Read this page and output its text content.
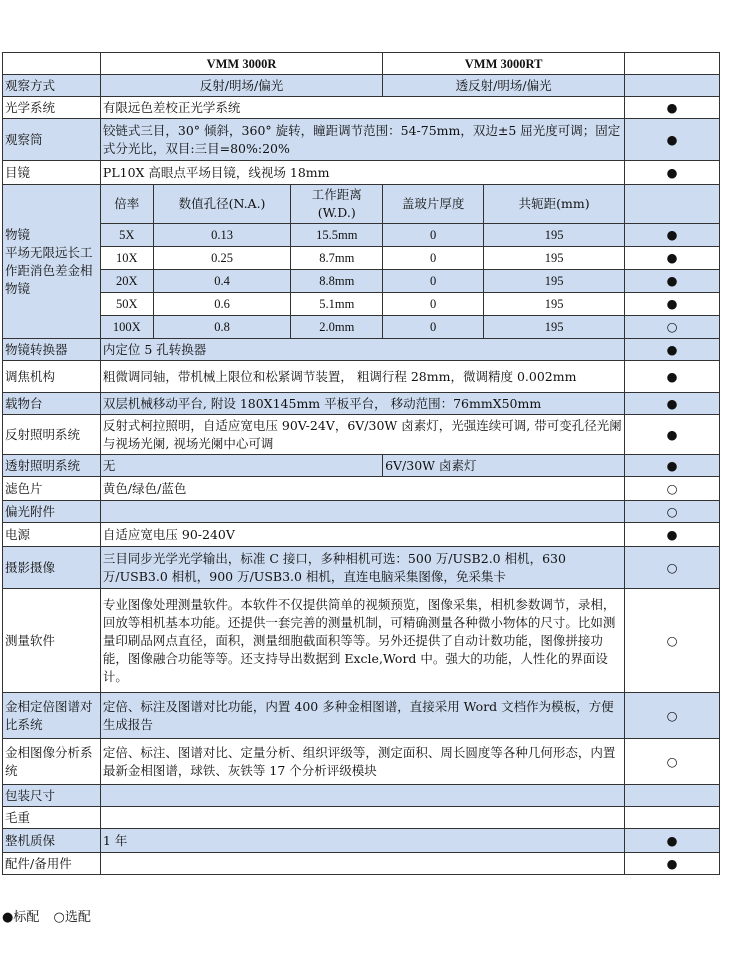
	VMM 3000R			VMM 3000RT		
观察方式	反射/明场/偏光			透反射/明场/偏光		
光学系统	有限远色差校正光学系统					●
观察筒	铰链式三目，30° 倾斜，360° 旋转，瞳距调节范围：54-75mm，双边±5 屈光度可调；固定式分光比，双目:三目=80%:20%					●
目镜	PL10X 高眼点平场目镜，线视场 18mm					●
物镜
平场无限远长工作距消色差金相物镜	倍率	数值孔径(N.A.)	工作距离(W.D.)	盖玻片厚度	共轭距(mm)	
	5X	0.13	15.5mm	0	195	●
	10X	0.25	8.7mm	0	195	●
	20X	0.4	8.8mm	0	195	●
	50X	0.6	5.1mm	0	195	●
	100X	0.8	2.0mm	0	195	○
物镜转换器	内定位 5 孔转换器					●
调焦机构	粗微调同轴，带机械上限位和松紧调节装置， 粗调行程 28mm，微调精度 0.002mm					●
载物台	双层机械移动平台, 附设 180X145mm 平板平台， 移动范围：76mmX50mm					●
反射照明系统	反射式柯拉照明，自适应宽电压 90V-24V，6V/30W 卤素灯，光强连续可调, 带可变孔径光阑与视场光阑, 视场光阑中心可调					●
透射照明系统	无			6V/30W 卤素灯		●
滤色片	黄色/绿色/蓝色					○
偏光附件						○
电源	自适应宽电压 90-240V					●
摄影摄像	三目同步光学光学输出，标准 C 接口，多种相机可选：500 万/USB2.0 相机，630 万/USB3.0 相机，900 万/USB3.0 相机，直连电脑采集图像，免采集卡					○
测量软件	专业图像处理测量软件。本软件不仅提供简单的视频预览，图像采集，相机参数调节，录相，回放等相机基本功能。还提供一套完善的测量机制，可精确测量各种微小物体的尺寸。比如测量印刷品网点直径，面积，测量细胞截面积等等。另外还提供了自动计数功能，图像拼接功能，图像融合功能等等。还支持导出数据到 Excle,Word 中。强大的功能，人性化的界面设计。					○
金相定倍图谱对比系统	定倍、标注及图谱对比功能，内置 400 多种金相图谱，直接采用 Word 文档作为模板，方便生成报告					○
金相图像分析系统	定倍、标注、图谱对比、定量分析、组织评级等，测定面积、周长圆度等各种几何形态，内置最新金相图谱，球铁、灰铁等 17 个分析评级模块					○
包装尺寸						
毛重						
整机质保	1 年					●
配件/备用件						●
●标配 ○选配
